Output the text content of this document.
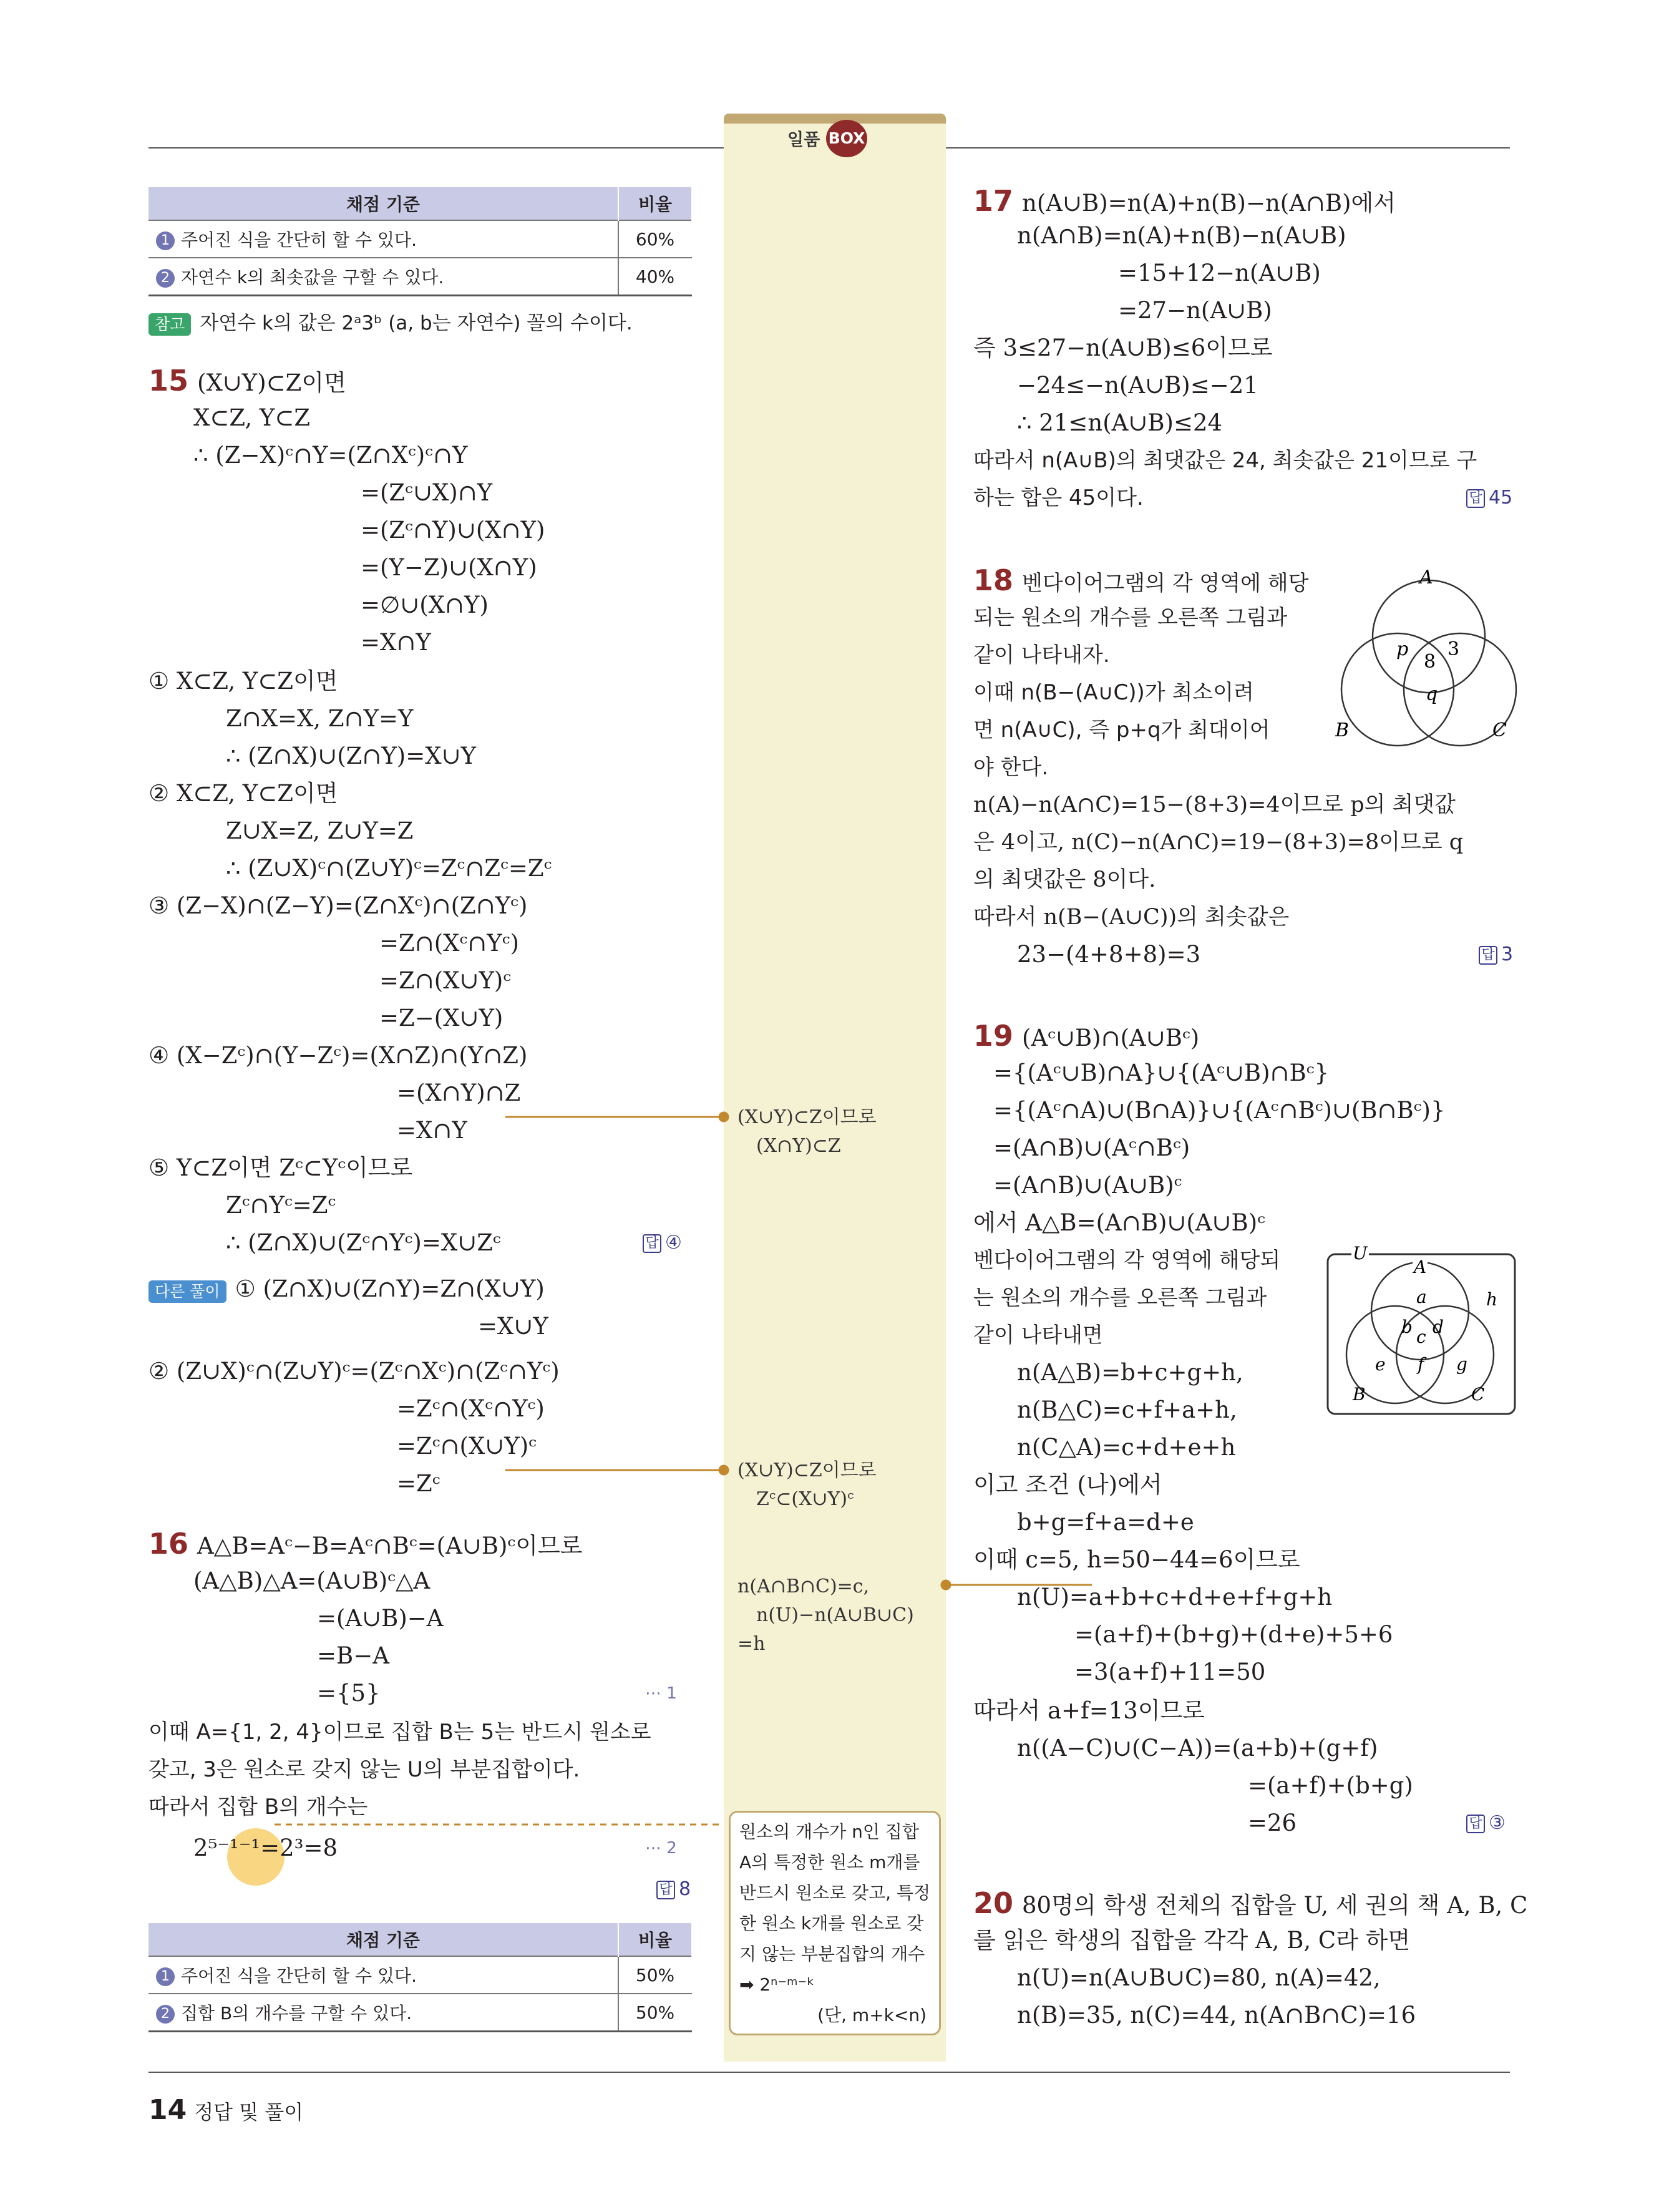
일품 BOX
채점 기준	비율
1 주어진 식을 간단히 할 수 있다.	60%
2 자연수 k의 최솟값을 구할 수 있다.	40%
참고 자연수 k의 값은 2ᵃ3ᵇ (a, b는 자연수) 꼴의 수이다.
15 (X∪Y)⊂Z이면
X⊂Z, Y⊂Z
∴ (Z−X)ᶜ∩Y=(Z∩Xᶜ)ᶜ∩Y
=(Zᶜ∪X)∩Y
=(Zᶜ∩Y)∪(X∩Y)
=(Y−Z)∪(X∩Y)
=∅∪(X∩Y)
=X∩Y
① X⊂Z, Y⊂Z이면
Z∩X=X, Z∩Y=Y
∴ (Z∩X)∪(Z∩Y)=X∪Y
② X⊂Z, Y⊂Z이면
Z∪X=Z, Z∪Y=Z
∴ (Z∪X)ᶜ∩(Z∪Y)ᶜ=Zᶜ∩Zᶜ=Zᶜ
③ (Z−X)∩(Z−Y)=(Z∩Xᶜ)∩(Z∩Yᶜ)
=Z∩(Xᶜ∩Yᶜ)
=Z∩(X∪Y)ᶜ
=Z−(X∪Y)
④ (X−Zᶜ)∩(Y−Zᶜ)=(X∩Z)∩(Y∩Z)
=(X∩Y)∩Z
=X∩Y
⑤ Y⊂Z이면 Zᶜ⊂Yᶜ이므로
Zᶜ∩Yᶜ=Zᶜ
∴ (Z∩X)∪(Zᶜ∩Yᶜ)=X∪Zᶜ	답 ④
다른 풀이 ① (Z∩X)∪(Z∩Y)=Z∩(X∪Y)
=X∪Y
② (Z∪X)ᶜ∩(Z∪Y)ᶜ=(Zᶜ∩Xᶜ)∩(Zᶜ∩Yᶜ)
=Zᶜ∩(Xᶜ∩Yᶜ)
=Zᶜ∩(X∪Y)ᶜ
=Zᶜ
16 A△B=Aᶜ−B=Aᶜ∩Bᶜ=(A∪B)ᶜ이므로
(A△B)△A=(A∪B)ᶜ△A
=(A∪B)−A
=B−A
={5}	⋯ 1
이때 A={1, 2, 4}이므로 집합 B는 5는 반드시 원소로
갖고, 3은 원소로 갖지 않는 U의 부분집합이다.
따라서 집합 B의 개수는
2⁵⁻¹⁻¹=2³=8	⋯ 2
답 8
채점 기준	비율
1 주어진 식을 간단히 할 수 있다.	50%
2 집합 B의 개수를 구할 수 있다.	50%
(X∪Y)⊂Z이므로
(X∩Y)⊂Z
(X∪Y)⊂Z이므로
Zᶜ⊂(X∪Y)ᶜ
n(A∩B∩C)=c,
n(U)−n(A∪B∪C)
=h
원소의 개수가 n인 집합
A의 특정한 원소 m개를
반드시 원소로 갖고, 특정
한 원소 k개를 원소로 갖
지 않는 부분집합의 개수
➡ 2ⁿ⁻ᵐ⁻ᵏ
(단, m+k<n)
17 n(A∪B)=n(A)+n(B)−n(A∩B)에서
n(A∩B)=n(A)+n(B)−n(A∪B)
=15+12−n(A∪B)
=27−n(A∪B)
즉 3≤27−n(A∪B)≤6이므로
−24≤−n(A∪B)≤−21
∴ 21≤n(A∪B)≤24
따라서 n(A∪B)의 최댓값은 24, 최솟값은 21이므로 구
하는 합은 45이다.	답 45
18 벤다이어그램의 각 영역에 해당
되는 원소의 개수를 오른쪽 그림과
같이 나타내자.
이때 n(B−(A∪C))가 최소이려
면 n(A∪C), 즉 p+q가 최대이어
야 한다.
n(A)−n(A∩C)=15−(8+3)=4이므로 p의 최댓값
은 4이고, n(C)−n(A∩C)=19−(8+3)=8이므로 q
의 최댓값은 8이다.
따라서 n(B−(A∪C))의 최솟값은
23−(4+8+8)=3	답 3
A
B	C
p
8
3
q
19 (Aᶜ∪B)∩(A∪Bᶜ)
={(Aᶜ∪B)∩A}∪{(Aᶜ∪B)∩Bᶜ}
={(Aᶜ∩A)∪(B∩A)}∪{(Aᶜ∩Bᶜ)∪(B∩Bᶜ)}
=(A∩B)∪(Aᶜ∩Bᶜ)
=(A∩B)∪(A∪B)ᶜ
에서 A△B=(A∩B)∪(A∪B)ᶜ
벤다이어그램의 각 영역에 해당되
는 원소의 개수를 오른쪽 그림과
같이 나타내면
n(A△B)=b+c+g+h,
n(B△C)=c+f+a+h,
n(C△A)=c+d+e+h
이고 조건 (나)에서
b+g=f+a=d+e
이때 c=5, h=50−44=6이므로
n(U)=a+b+c+d+e+f+g+h
=(a+f)+(b+g)+(d+e)+5+6
=3(a+f)+11=50
따라서 a+f=13이므로
n((A−C)∪(C−A))=(a+b)+(g+f)
=(a+f)+(b+g)
=26	답 ③
U
A
B	C
a
b c d
e f g
h
20 80명의 학생 전체의 집합을 U, 세 권의 책 A, B, C
를 읽은 학생의 집합을 각각 A, B, C라 하면
n(U)=n(A∪B∪C)=80, n(A)=42,
n(B)=35, n(C)=44, n(A∩B∩C)=16
14 정답 및 풀이
